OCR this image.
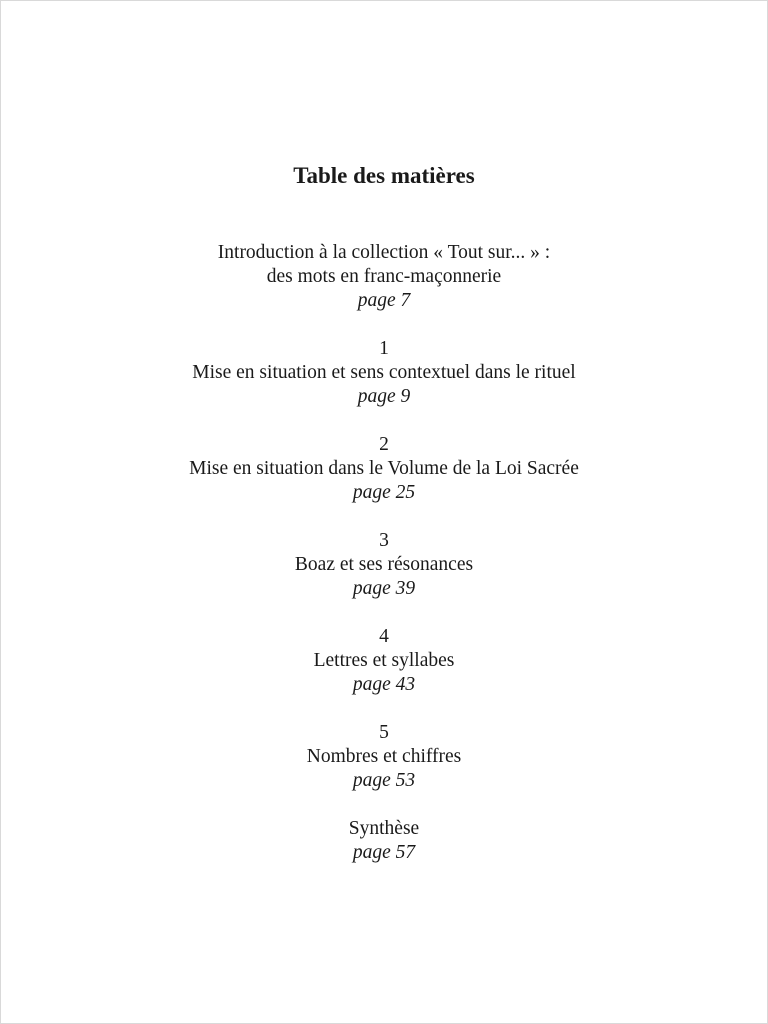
Table des matières
Introduction à la collection « Tout sur... » :
des mots en franc-maçonnerie
page 7
1
Mise en situation et sens contextuel dans le rituel
page 9
2
Mise en situation dans le Volume de la Loi Sacrée
page 25
3
Boaz et ses résonances
page 39
4
Lettres et syllabes
page 43
5
Nombres et chiffres
page 53
Synthèse
page 57
